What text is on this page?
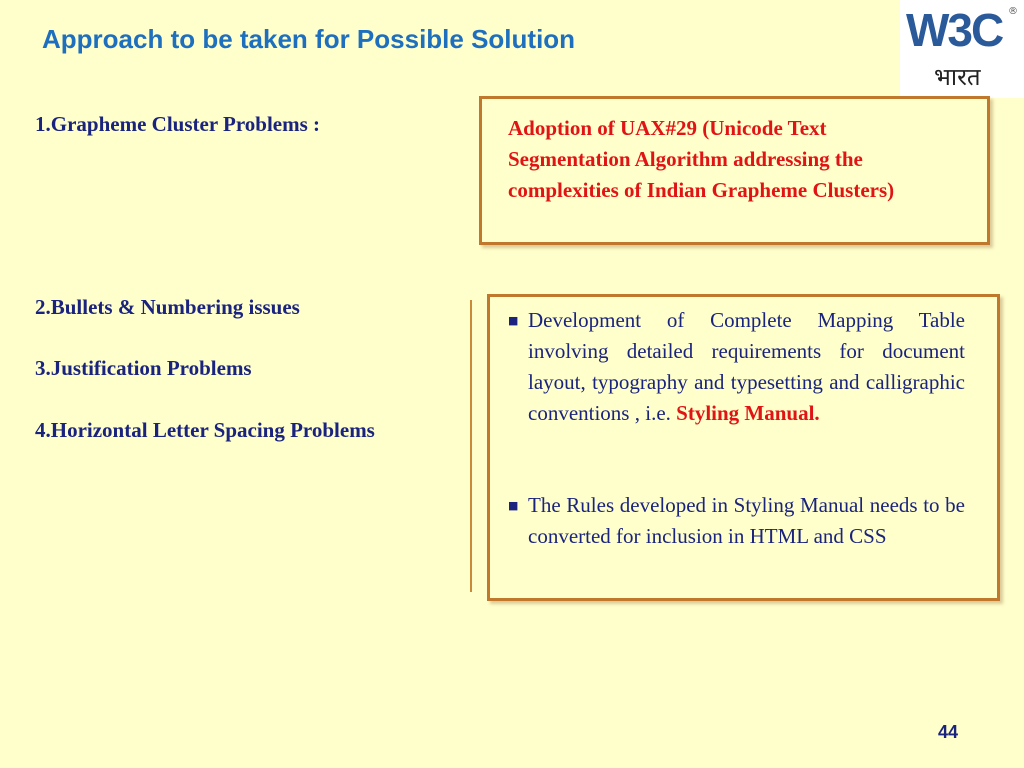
Approach to be taken for Possible Solution	W3C ®
भारत
1.Grapheme Cluster Problems :
2.Bullets & Numbering issues
3.Justification Problems
4.Horizontal Letter Spacing Problems
Adoption of UAX#29 (Unicode Text Segmentation Algorithm addressing the complexities of Indian Grapheme Clusters)
■ Development of Complete Mapping Table involving detailed requirements for document layout, typography and typesetting and calligraphic conventions , i.e. Styling Manual.
■ The Rules developed in Styling Manual needs to be converted for inclusion in HTML and CSS
44
